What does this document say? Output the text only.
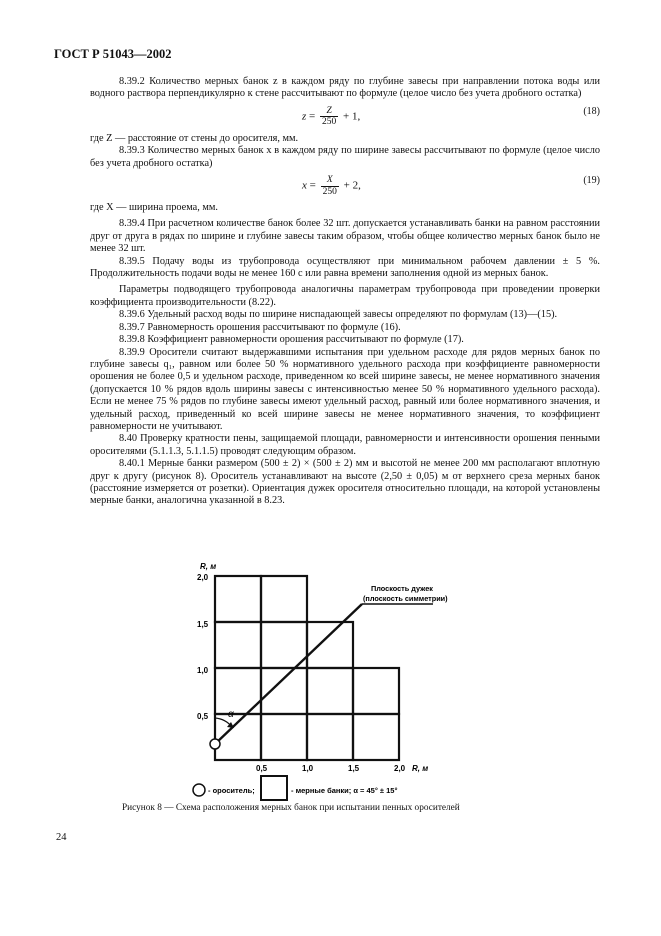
ГОСТ Р 51043—2002

8.39.2 Количество мерных банок z в каждом ряду по глубине завесы при направлении потока воды или водного раствора перпендикулярно к стене рассчитывают по формуле (целое число без учета дробного остатка)

$z = \frac{Z}{250} + 1$,	(18)

где Z — расстояние от стены до оросителя, мм.

8.39.3 Количество мерных банок x в каждом ряду по ширине завесы рассчитывают по формуле (целое число без учета дробного остатка)

$x = \frac{X}{250} + 2$,	(19)

где X — ширина проема, мм.

8.39.4 При расчетном количестве банок более 32 шт. допускается устанавливать банки на равном расстоянии друг от друга в рядах по ширине и глубине завесы таким образом, чтобы общее количество мерных банок было не менее 32 шт.

8.39.5 Подачу воды из трубопровода осуществляют при минимальном рабочем давлении ± 5 %. Продолжительность подачи воды не менее 160 с или равна времени заполнения одной из мерных банок.

Параметры подводящего трубопровода аналогичны параметрам трубопровода при проведении проверки коэффициента производительности (8.22).

8.39.6 Удельный расход воды по ширине ниспадающей завесы определяют по формулам (13)—(15).

8.39.7 Равномерность орошения рассчитывают по формуле (16).

8.39.8 Коэффициент равномерности орошения рассчитывают по формуле (17).

8.39.9 Оросители считают выдержавшими испытания при удельном расходе для рядов мерных банок по глубине завесы q₁, равном или более 50 % нормативного удельного расхода при коэффициенте равномерности орошения не более 0,5 и удельном расходе, приведенном ко всей ширине завесы, не менее нормативного значения (допускается 10 % рядов вдоль ширины завесы с интенсивностью менее 50 % нормативного удельного расхода). Если не менее 75 % рядов по глубине завесы имеют удельный расход, равный или более нормативного значения, и удельный расход, приведенный ко всей ширине завесы не менее нормативного значения, то коэффициент равномерности не учитывают.

8.40 Проверку кратности пены, защищаемой площади, равномерности и интенсивности орошения пенными оросителями (5.1.1.3, 5.1.1.5) проводят следующим образом.

8.40.1 Мерные банки размером (500 ± 2) × (500 ± 2) мм и высотой не менее 200 мм располагают вплотную друг к другу (рисунок 8). Ороситель устанавливают на высоте (2,50 ± 0,05) м от верхнего среза мерных банок (расстояние измеряется от розетки). Ориентация дужек оросителя относительно площади, на которой установлены мерные банки, аналогична указанной в 8.23.

α
R, м
2,0
1,5
1,0
0,5
0,5	1,0	1,5	2,0 R, м
Плоскость дужек
(плоскость симметрии)
- ороситель;	- мерные банки; α = 45° ± 15°
Рисунок 8 — Схема расположения мерных банок при испытании пенных оросителей
24
